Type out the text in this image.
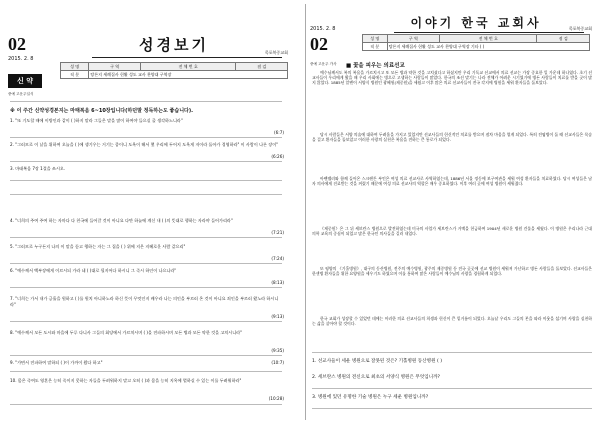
목포북중교회
02
2015. 2. 8
성경보기
성 명	구 역	전 체 번 호	점 검
직 분	탕론지 세례집사 헌활 성도 교사 찬양대 구역장		
신 약
중예 고운주일식
※ 이 주간 신약성경본지는 마태복음 6~10장입니다(하던말 정독하는도 좋습니다).
1. "또 기도할 때에 이방인과 같이 ( )하지 말라 그들은 말을 많이 하여야 들으실 줄 생각하느니라"
(6:7)
2. "그러므로 이 날을 위하여 오늘을 ( )에 생기우는 거기는 종이니 도욕이 해서 몇 우리에 두어지 도욕게 저이라 돌아가 경영하라" 이 사람이 나른 장이"
(6:26)
3. 마태복음 7장 1절을 쓰시오.
4. "너희의 주여 주여 하는 자마다 다 천국에 들어갈 것이 아니요 다만 하늘에 계신 내 ( )의 뜻대로 행하는 자라야 들어가리라"
(7:21)
5. "그러므로 누구든지 나의 이 말을 듣고 행하는 자는 그 집을 ( ) 위에 지은 지혜로운 사람 같으리"
(7:24)
6. "예수께서 백부장에게 이르시되 가라 네 ( )대로 될지어다 하시니 그 즉시 하인이 나으니라"
(8:13)
7. "너희는 가서 내가 긍휼을 원하고 ( )를 원치 아니하노라 하신 뜻이 무엇인지 배우라 나는 의인을 부르러 온 것이 아니요 죄인을 부르러 왔노라 하시니라"
(9:13)
8. "예수께서 모든 도시와 마을에 두루 다니사 그들의 회당에서 가르치시며 ( )을 전파하시며 모든 병과 모든 약한 것을 고치시니라"
(9:35)
9. "가면서 전파하여 말하되 ( )이 가까이 왔다 하고"	(10:7)
10. 몸은 죽여도 영혼은 능히 죽이지 못하는 자들을 두려워하지 말고 오히 ( )과 몸을 능히 지옥에 멸하실 수 있는 이를 두려워하라"
(10:28)
목포북중교회
2015. 2. 8
02
이야기 한국 교회사
성 명	구 역	전 체 번 호	점 검
직 분	탕론지 세례집사 헌활 성도 교사 찬양대 구역장 기타 ( )		
중예 고운주 가사 ■ 꽃을 피우는 의료선교
예수님께서도 복의 복음을 가르치시고 또 모든 병과 약한 것을 고치셨다고 하셨지만 우리 기독교 선교에서 의료 선교는 가장 중요한 일 가운데 하나였다. 초기 선교사들이 우리에게 왔을 때 우리 사회에는 병으로 고생하는 사람들이 많았다. 한국의 조선 말기는 나라 전체가 어려운 시기였기에 병든 사람들이 치료를 받을 곳이 많지 않았다. 1885년 알렌이 서양식 병원인 광혜원(제중원)을 세웠고 이후 많은 의료 선교사들이 전국 각지에 병원을 세워 환자들을 돌보았다.
당시 사람들은 서양 의술에 대하여 두려움을 가지고 있었지만 선교사들의 헌신적인 치료를 받으며 점차 마음을 열게 되었다. 특히 전염병이 돌 때 선교사들은 목숨을 걸고 환자들을 돌보았고 이러한 사랑의 실천은 복음을 전하는 큰 통로가 되었다.
아펜젤러와 함께 들어온 스크랜튼 부인은 여성 의료 선교사로 사역하였는데, 1886년 서울 정동에 보구여관을 세워 여성 환자들을 치료하였다. 당시 여성들은 남자 의사에게 진료받는 것을 꺼렸기 때문에 여성 의료 선교사의 역할은 매우 중요하였다. 이후 여러 곳에 여성 병원이 세워졌다.
《제중원》은 그 뒤 세브란스 병원으로 발전하였는데 미국의 사업가 세브란스가 거액을 헌금하여 1904년 새로운 병원 건물을 세웠다. 이 병원은 우리나라 근대 의학 교육의 중심이 되었고 많은 한국인 의사들을 길러 내었다.
또 평양의 《기홀병원》, 대구의 동산병원, 전주의 예수병원, 광주의 제중병원 등 전국 곳곳에 선교 병원이 세워져 가난하고 병든 사람들을 돌보았다. 선교사들은 한센병 환자들을 위한 요양원을 세우기도 하였으며 이를 통하여 많은 사람들이 예수님의 사랑을 경험하게 되었다.
한국 교회가 성장할 수 있었던 데에는 이러한 의료 선교사들의 희생과 헌신이 큰 밑거름이 되었다. 오늘날 우리도 그들의 본을 따라 이웃을 섬기며 사랑을 실천하는 삶을 살아야 할 것이다.
1. 선교사들이 세운 병원으로 잘못된 것은? 기홀병원 동산병원 ( )
2. 세브란스 병원의 전신으로 최초의 서양식 병원은 무엇입니까?
3. 병원에 있던 유명한 기술 병원은 누구 세운 병원입니까?
